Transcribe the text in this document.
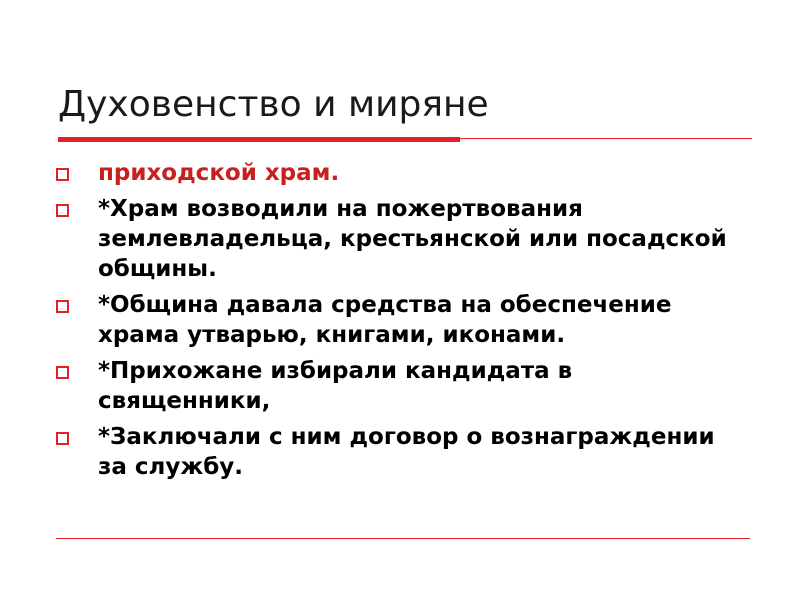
Духовенство и миряне
приходской храм.
*Храм возводили на пожертвования землевладельца, крестьянской или посадской общины.
*Община давала средства на обеспечение храма утварью, книгами, иконами.
*Прихожане избирали кандидата в священники,
*Заключали с ним договор о вознаграждении за службу.
